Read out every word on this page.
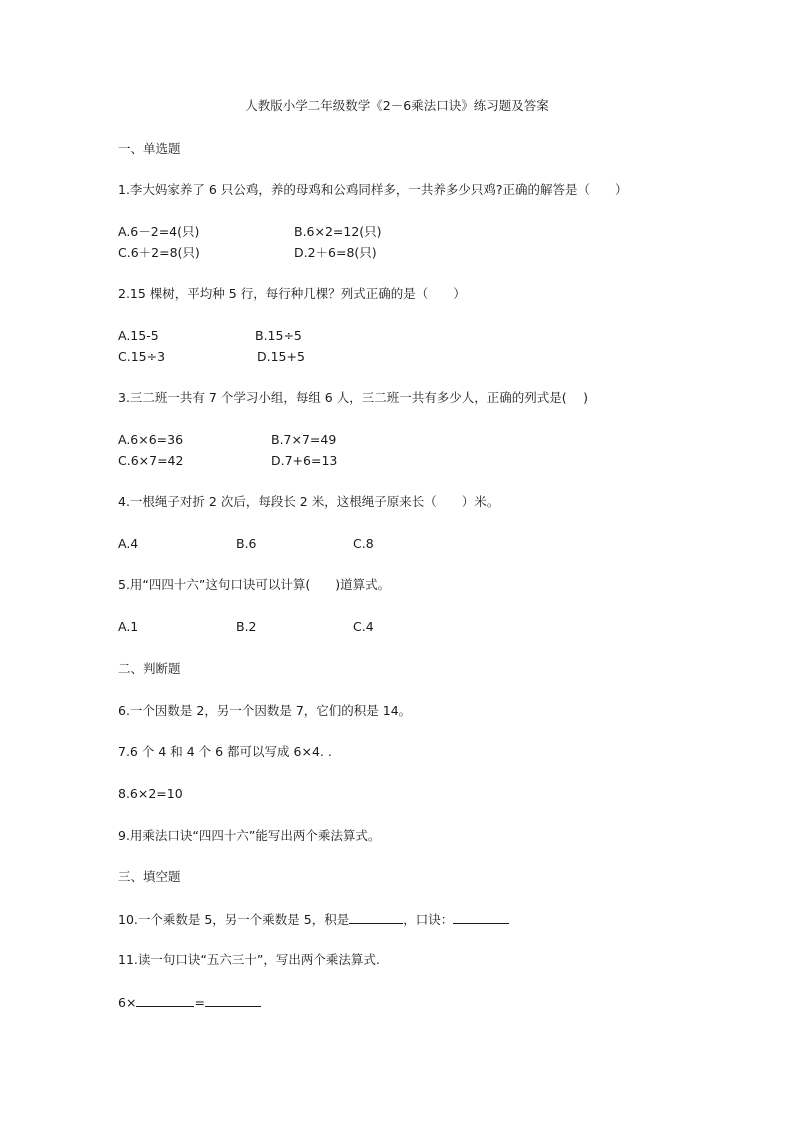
人教版小学二年级数学《2－6乘法口诀》练习题及答案
一、单选题
1.李大妈家养了 6 只公鸡，养的母鸡和公鸡同样多，一共养多少只鸡?正确的解答是（　　）
A.6－2=4(只)	B.6×2=12(只)
C.6＋2=8(只)	D.2＋6=8(只)
2.15 棵树，平均种 5 行，每行种几棵？列式正确的是（　　）
A.15-5	B.15÷5
C.15÷3	D.15+5
3.三二班一共有 7 个学习小组，每组 6 人，三二班一共有多少人，正确的列式是(　 )
A.6×6=36	B.7×7=49
C.6×7=42	D.7+6=13
4.一根绳子对折 2 次后，每段长 2 米，这根绳子原来长（　　）米。
A.4	B.6	C.8
5.用“四四十六”这句口诀可以计算(　　)道算式。
A.1	B.2	C.4
二、判断题
6.一个因数是 2，另一个因数是 7，它们的积是 14。
7.6 个 4 和 4 个 6 都可以写成 6×4. .
8.6×2=10
9.用乘法口诀“四四十六”能写出两个乘法算式。
三、填空题
10.一个乘数是 5，另一个乘数是 5，积是	，口诀：
11.读一句口诀“五六三十”，写出两个乘法算式.
6×	=
